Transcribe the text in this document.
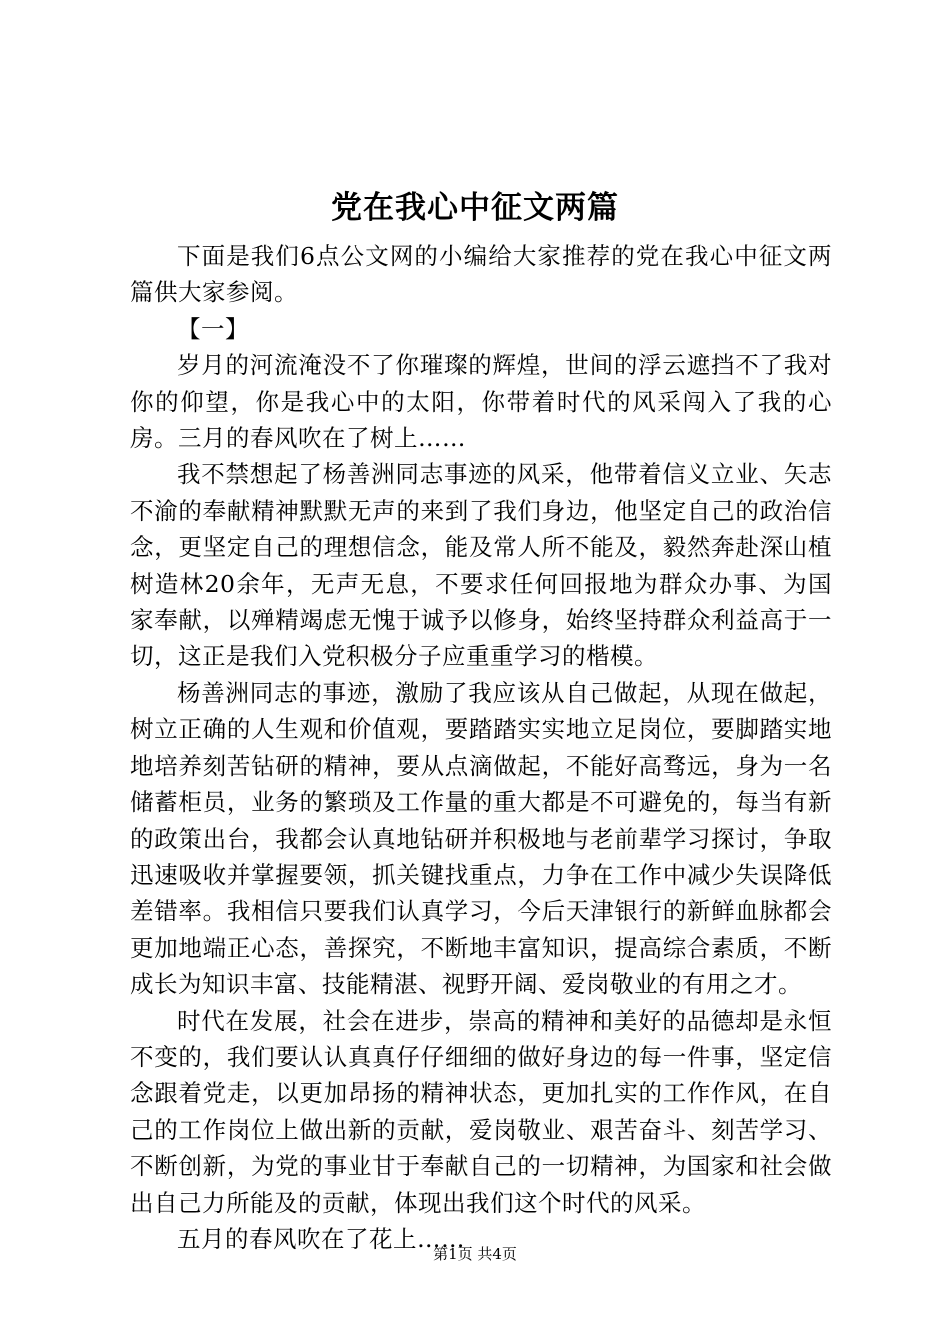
党在我心中征文两篇

下面是我们6点公文网的小编给大家推荐的党在我心中征文两篇供大家参阅。

【一】

岁月的河流淹没不了你璀璨的辉煌，世间的浮云遮挡不了我对你的仰望，你是我心中的太阳，你带着时代的风采闯入了我的心房。三月的春风吹在了树上……

我不禁想起了杨善洲同志事迹的风采，他带着信义立业、矢志不渝的奉献精神默默无声的来到了我们身边，他坚定自己的政治信念，更坚定自己的理想信念，能及常人所不能及，毅然奔赴深山植树造林20余年，无声无息，不要求任何回报地为群众办事、为国家奉献，以殚精竭虑无愧于诚予以修身，始终坚持群众利益高于一切，这正是我们入党积极分子应重重学习的楷模。

杨善洲同志的事迹，激励了我应该从自己做起，从现在做起，树立正确的人生观和价值观，要踏踏实实地立足岗位，要脚踏实地地培养刻苦钻研的精神，要从点滴做起，不能好高骛远，身为一名储蓄柜员，业务的繁琐及工作量的重大都是不可避免的，每当有新的政策出台，我都会认真地钻研并积极地与老前辈学习探讨，争取迅速吸收并掌握要领，抓关键找重点，力争在工作中减少失误降低差错率。我相信只要我们认真学习，今后天津银行的新鲜血脉都会更加地端正心态，善探究，不断地丰富知识，提高综合素质，不断成长为知识丰富、技能精湛、视野开阔、爱岗敬业的有用之才。

时代在发展，社会在进步，崇高的精神和美好的品德却是永恒不变的，我们要认认真真仔仔细细的做好身边的每一件事，坚定信念跟着党走，以更加昂扬的精神状态，更加扎实的工作作风，在自己的工作岗位上做出新的贡献，爱岗敬业、艰苦奋斗、刻苦学习、不断创新，为党的事业甘于奉献自己的一切精神，为国家和社会做出自己力所能及的贡献，体现出我们这个时代的风采。

五月的春风吹在了花上……

第1页 共4页
